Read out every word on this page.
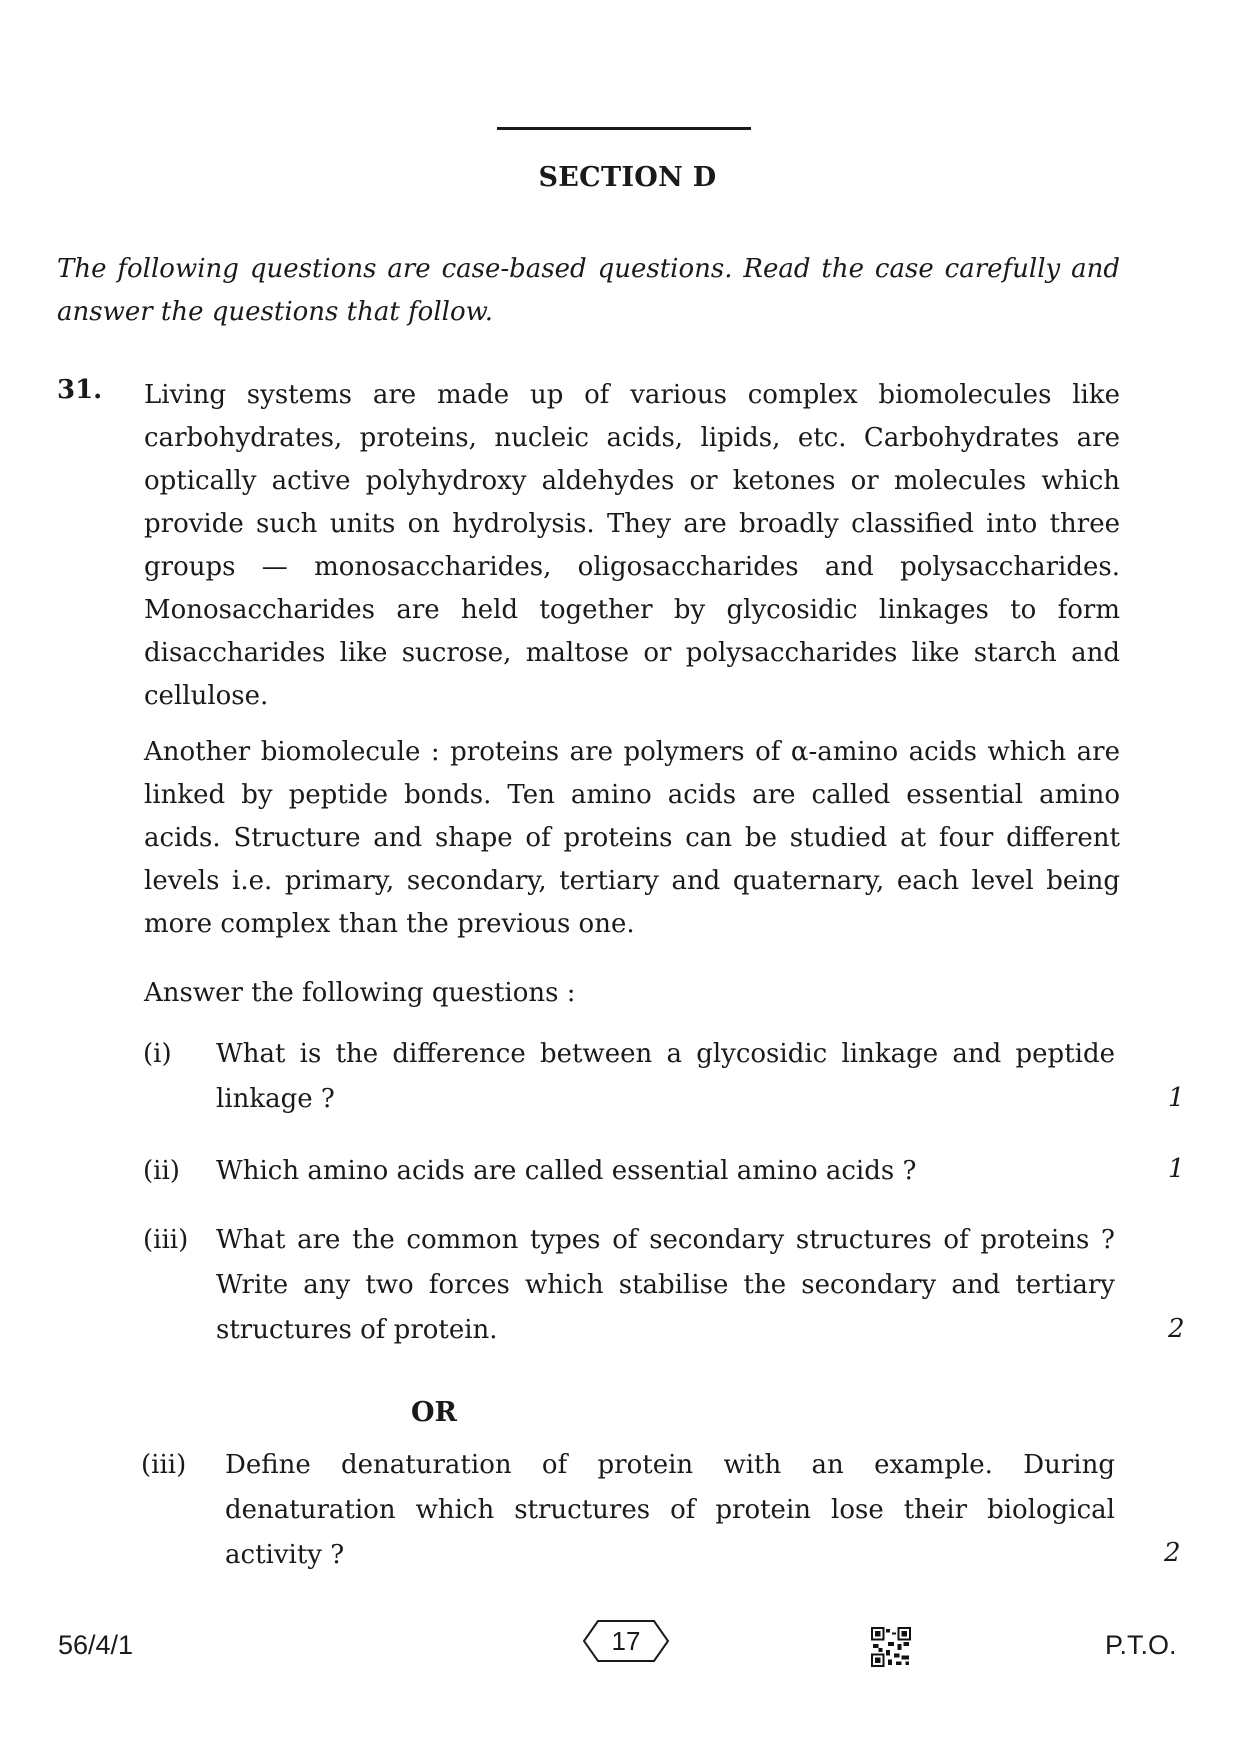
SECTION D
The following questions are case-based questions. Read the case carefully and answer the questions that follow.
31. Living systems are made up of various complex biomolecules like carbohydrates, proteins, nucleic acids, lipids, etc. Carbohydrates are optically active polyhydroxy aldehydes or ketones or molecules which provide such units on hydrolysis. They are broadly classified into three groups — monosaccharides, oligosaccharides and polysaccharides. Monosaccharides are held together by glycosidic linkages to form disaccharides like sucrose, maltose or polysaccharides like starch and cellulose.
Another biomolecule : proteins are polymers of α-amino acids which are linked by peptide bonds. Ten amino acids are called essential amino acids. Structure and shape of proteins can be studied at four different levels i.e. primary, secondary, tertiary and quaternary, each level being more complex than the previous one.
Answer the following questions :
(i) What is the difference between a glycosidic linkage and peptide linkage ?	1
(ii) Which amino acids are called essential amino acids ?	1
(iii) What are the common types of secondary structures of proteins ? Write any two forces which stabilise the secondary and tertiary structures of protein.	2
OR
(iii) Define denaturation of protein with an example. During denaturation which structures of protein lose their biological activity ?	2
56/4/1	17	P.T.O.
